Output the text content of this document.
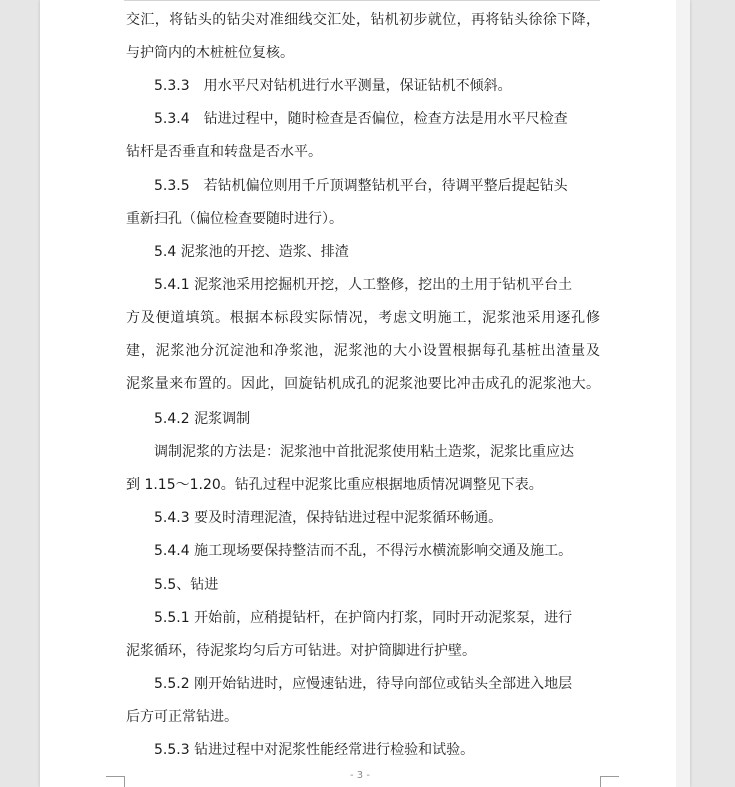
交汇，将钻头的钻尖对准细线交汇处，钻机初步就位，再将钻头徐徐下降，
与护筒内的木桩桩位复核。
5.3.3　用水平尺对钻机进行水平测量，保证钻机不倾斜。
5.3.4　钻进过程中，随时检查是否偏位，检查方法是用水平尺检查
钻杆是否垂直和转盘是否水平。
5.3.5　若钻机偏位则用千斤顶调整钻机平台，待调平整后提起钻头
重新扫孔（偏位检查要随时进行）。
5.4 泥浆池的开挖、造浆、排渣
5.4.1 泥浆池采用挖掘机开挖，人工整修，挖出的土用于钻机平台土
方及便道填筑。根据本标段实际情况，考虑文明施工，泥浆池采用逐孔修
建，泥浆池分沉淀池和净浆池，泥浆池的大小设置根据每孔基桩出渣量及
泥浆量来布置的。因此，回旋钻机成孔的泥浆池要比冲击成孔的泥浆池大。
5.4.2 泥浆调制
调制泥浆的方法是：泥浆池中首批泥浆使用粘土造浆，泥浆比重应达
到 1.15～1.20。钻孔过程中泥浆比重应根据地质情况调整见下表。
5.4.3 要及时清理泥渣，保持钻进过程中泥浆循环畅通。
5.4.4 施工现场要保持整洁而不乱，不得污水横流影响交通及施工。
5.5、钻进
5.5.1 开始前，应稍提钻杆，在护筒内打浆，同时开动泥浆泵，进行
泥浆循环，待泥浆均匀后方可钻进。对护筒脚进行护壁。
5.5.2 刚开始钻进时，应慢速钻进，待导向部位或钻头全部进入地层
后方可正常钻进。
5.5.3 钻进过程中对泥浆性能经常进行检验和试验。
- 3 -
